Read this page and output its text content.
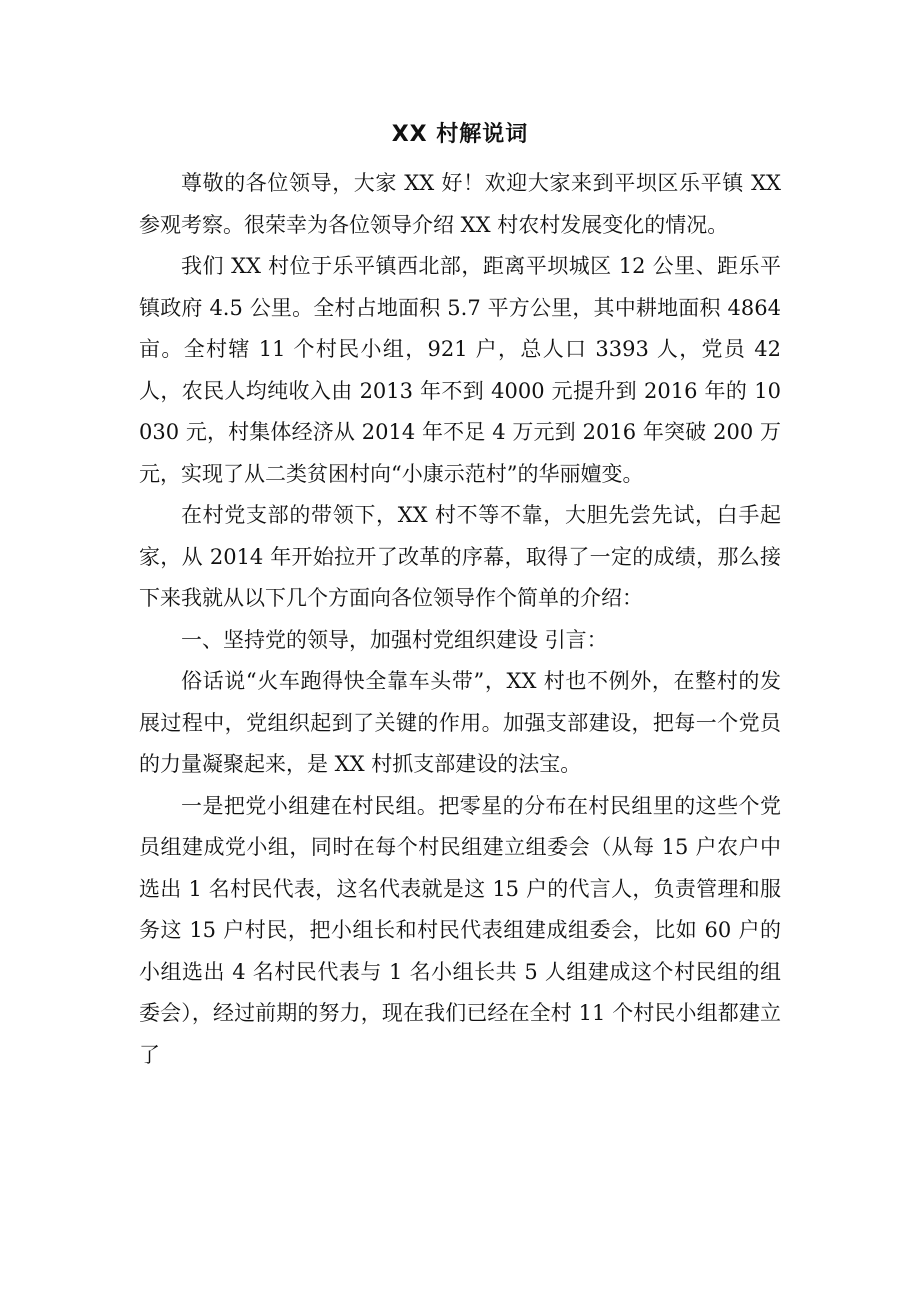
XX 村解说词

尊敬的各位领导，大家 XX 好！欢迎大家来到平坝区乐平镇 XX 参观考察。很荣幸为各位领导介绍 XX 村农村发展变化的情况。

我们 XX 村位于乐平镇西北部，距离平坝城区 12 公里、距乐平镇政府 4.5 公里。全村占地面积 5.7 平方公里，其中耕地面积 4864 亩。全村辖 11 个村民小组，921 户，总人口 3393 人，党员 42 人，农民人均纯收入由 2013 年不到 4000 元提升到 2016 年的 10030 元，村集体经济从 2014 年不足 4 万元到 2016 年突破 200 万元，实现了从二类贫困村向“小康示范村”的华丽嬗变。

在村党支部的带领下，XX 村不等不靠，大胆先尝先试，白手起家，从 2014 年开始拉开了改革的序幕，取得了一定的成绩，那么接下来我就从以下几个方面向各位领导作个简单的介绍：

一、坚持党的领导，加强村党组织建设 引言：

俗话说“火车跑得快全靠车头带”，XX 村也不例外，在整村的发展过程中，党组织起到了关键的作用。加强支部建设，把每一个党员的力量凝聚起来，是 XX 村抓支部建设的法宝。

一是把党小组建在村民组。把零星的分布在村民组里的这些个党员组建成党小组，同时在每个村民组建立组委会（从每 15 户农户中选出 1 名村民代表，这名代表就是这 15 户的代言人，负责管理和服务这 15 户村民，把小组长和村民代表组建成组委会，比如 60 户的小组选出 4 名村民代表与 1 名小组长共 5 人组建成这个村民组的组委会），经过前期的努力，现在我们已经在全村 11 个村民小组都建立了
